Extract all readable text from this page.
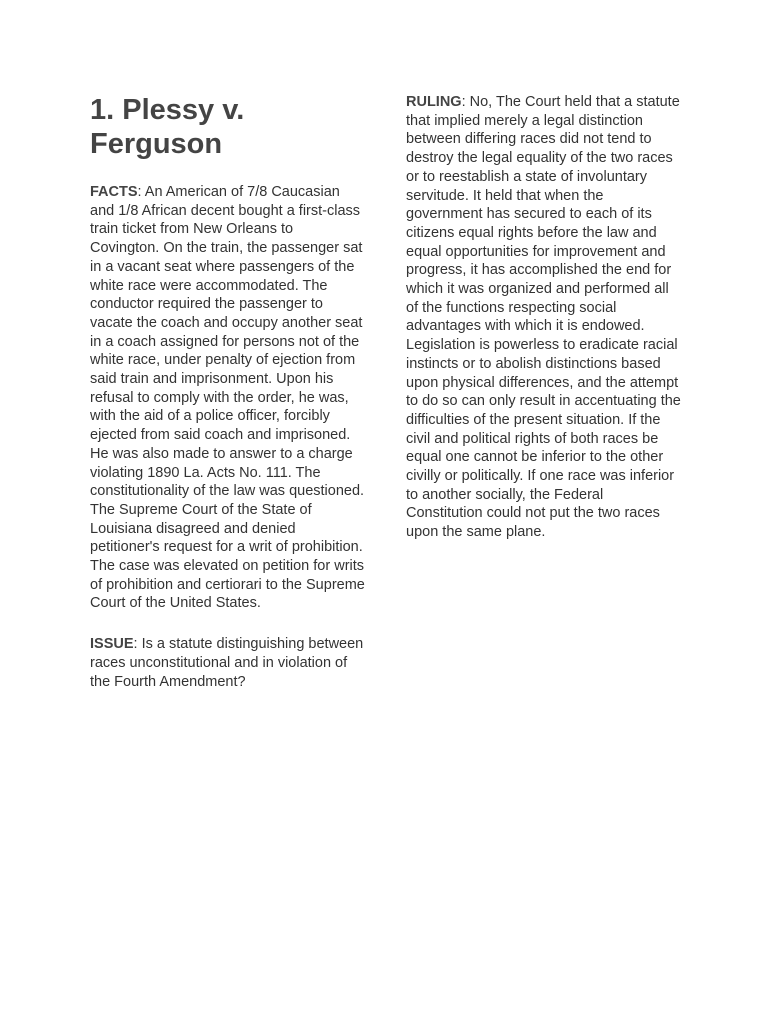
1. Plessy v. Ferguson

FACTS: An American of 7/8 Caucasian and 1/8 African decent bought a first-class train ticket from New Orleans to Covington. On the train, the passenger sat in a vacant seat where passengers of the white race were accommodated. The conductor required the passenger to vacate the coach and occupy another seat in a coach assigned for persons not of the white race, under penalty of ejection from said train and imprisonment. Upon his refusal to comply with the order, he was, with the aid of a police officer, forcibly ejected from said coach and imprisoned. He was also made to answer to a charge violating 1890 La. Acts No. 111. The constitutionality of the law was questioned. The Supreme Court of the State of Louisiana disagreed and denied petitioner's request for a writ of prohibition. The case was elevated on petition for writs of prohibition and certiorari to the Supreme Court of the United States.

ISSUE: Is a statute distinguishing between races unconstitutional and in violation of the Fourth Amendment?

RULING: No, The Court held that a statute that implied merely a legal distinction between differing races did not tend to destroy the legal equality of the two races or to reestablish a state of involuntary servitude. It held that when the government has secured to each of its citizens equal rights before the law and equal opportunities for improvement and progress, it has accomplished the end for which it was organized and performed all of the functions respecting social advantages with which it is endowed. Legislation is powerless to eradicate racial instincts or to abolish distinctions based upon physical differences, and the attempt to do so can only result in accentuating the difficulties of the present situation. If the civil and political rights of both races be equal one cannot be inferior to the other civilly or politically. If one race was inferior to another socially, the Federal Constitution could not put the two races upon the same plane.
